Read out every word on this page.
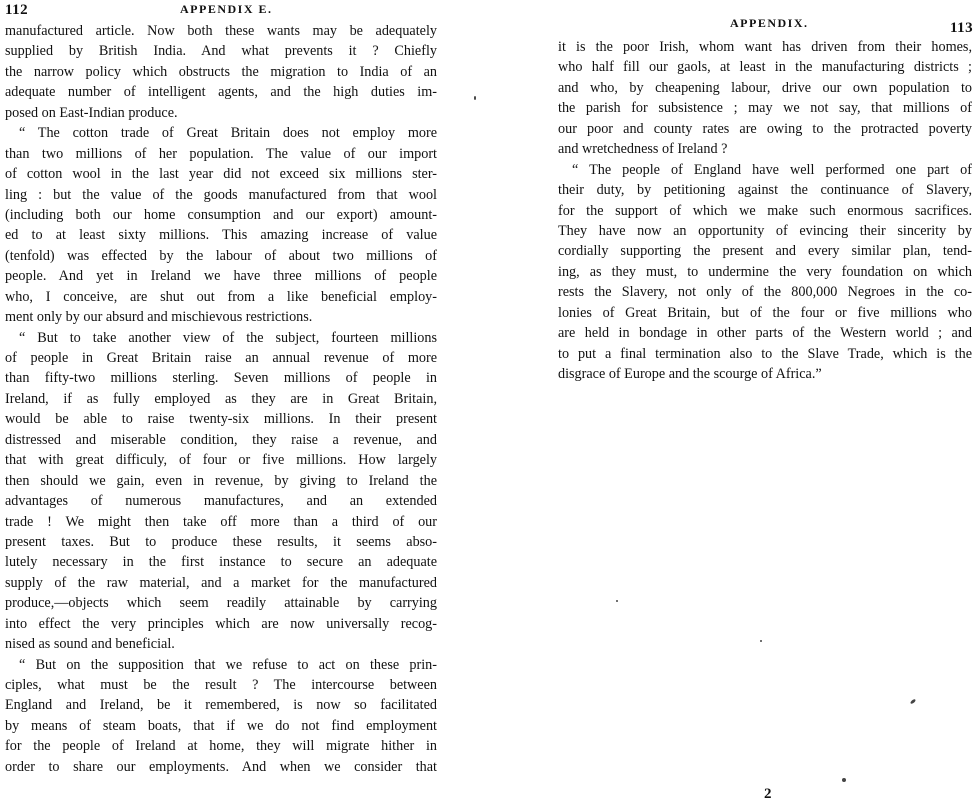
112	APPENDIX E.
manufactured article. Now both these wants may be adequately
supplied by British India. And what prevents it ? Chiefly
the narrow policy which obstructs the migration to India of an
adequate number of intelligent agents, and the high duties im-
posed on East-Indian produce.
“ The cotton trade of Great Britain does not employ more
than two millions of her population. The value of our import
of cotton wool in the last year did not exceed six millions ster-
ling : but the value of the goods manufactured from that wool
(including both our home consumption and our export) amount-
ed to at least sixty millions. This amazing increase of value
(tenfold) was effected by the labour of about two millions of
people. And yet in Ireland we have three millions of people
who, I conceive, are shut out from a like beneficial employ-
ment only by our absurd and mischievous restrictions.
“ But to take another view of the subject, fourteen millions
of people in Great Britain raise an annual revenue of more
than fifty-two millions sterling. Seven millions of people in
Ireland, if as fully employed as they are in Great Britain,
would be able to raise twenty-six millions. In their present
distressed and miserable condition, they raise a revenue, and
that with great difficuly, of four or five millions. How largely
then should we gain, even in revenue, by giving to Ireland the
advantages of numerous manufactures, and an extended
trade ! We might then take off more than a third of our
present taxes. But to produce these results, it seems abso-
lutely necessary in the first instance to secure an adequate
supply of the raw material, and a market for the manufactured
produce,—objects which seem readily attainable by carrying
into effect the very principles which are now universally recog-
nised as sound and beneficial.
“ But on the supposition that we refuse to act on these prin-
ciples, what must be the result ? The intercourse between
England and Ireland, be it remembered, is now so facilitated
by means of steam boats, that if we do not find employment
for the people of Ireland at home, they will migrate hither in
order to share our employments. And when we consider that
APPENDIX.	113
it is the poor Irish, whom want has driven from their homes,
who half fill our gaols, at least in the manufacturing districts ;
and who, by cheapening labour, drive our own population to
the parish for subsistence ; may we not say, that millions of
our poor and county rates are owing to the protracted poverty
and wretchedness of Ireland ?
“ The people of England have well performed one part of
their duty, by petitioning against the continuance of Slavery,
for the support of which we make such enormous sacrifices.
They have now an opportunity of evincing their sincerity by
cordially supporting the present and every similar plan, tend-
ing, as they must, to undermine the very foundation on which
rests the Slavery, not only of the 800,000 Negroes in the co-
lonies of Great Britain, but of the four or five millions who
are held in bondage in other parts of the Western world ; and
to put a final termination also to the Slave Trade, which is the
disgrace of Europe and the scourge of Africa.”
2
